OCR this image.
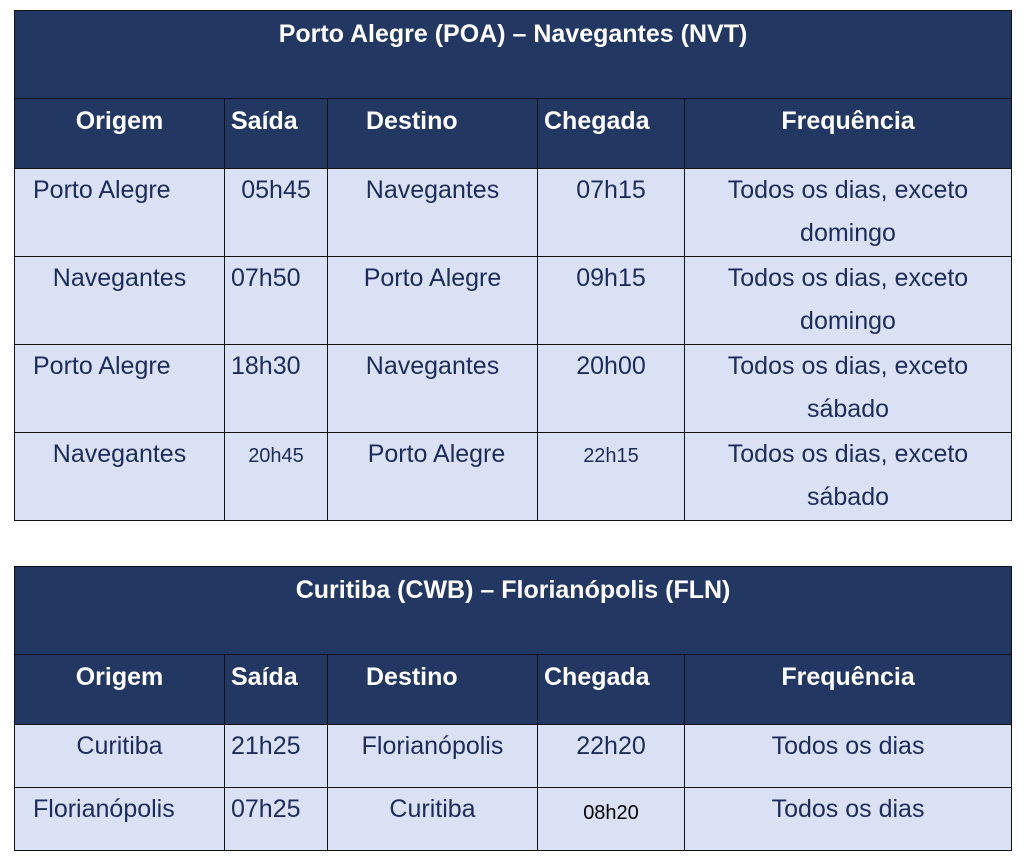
Porto Alegre (POA) – Navegantes (NVT)				
Origem	Saída	Destino	Chegada	Frequência
Porto Alegre	05h45	Navegantes	07h15	Todos os dias, exceto domingo
Navegantes	07h50	Porto Alegre	09h15	Todos os dias, exceto domingo
Porto Alegre	18h30	Navegantes	20h00	Todos os dias, exceto sábado
Navegantes	20h45	Porto Alegre	22h15	Todos os dias, exceto sábado
Curitiba (CWB) – Florianópolis (FLN)				
Origem	Saída	Destino	Chegada	Frequência
Curitiba	21h25	Florianópolis	22h20	Todos os dias
Florianópolis	07h25	Curitiba	08h20	Todos os dias
